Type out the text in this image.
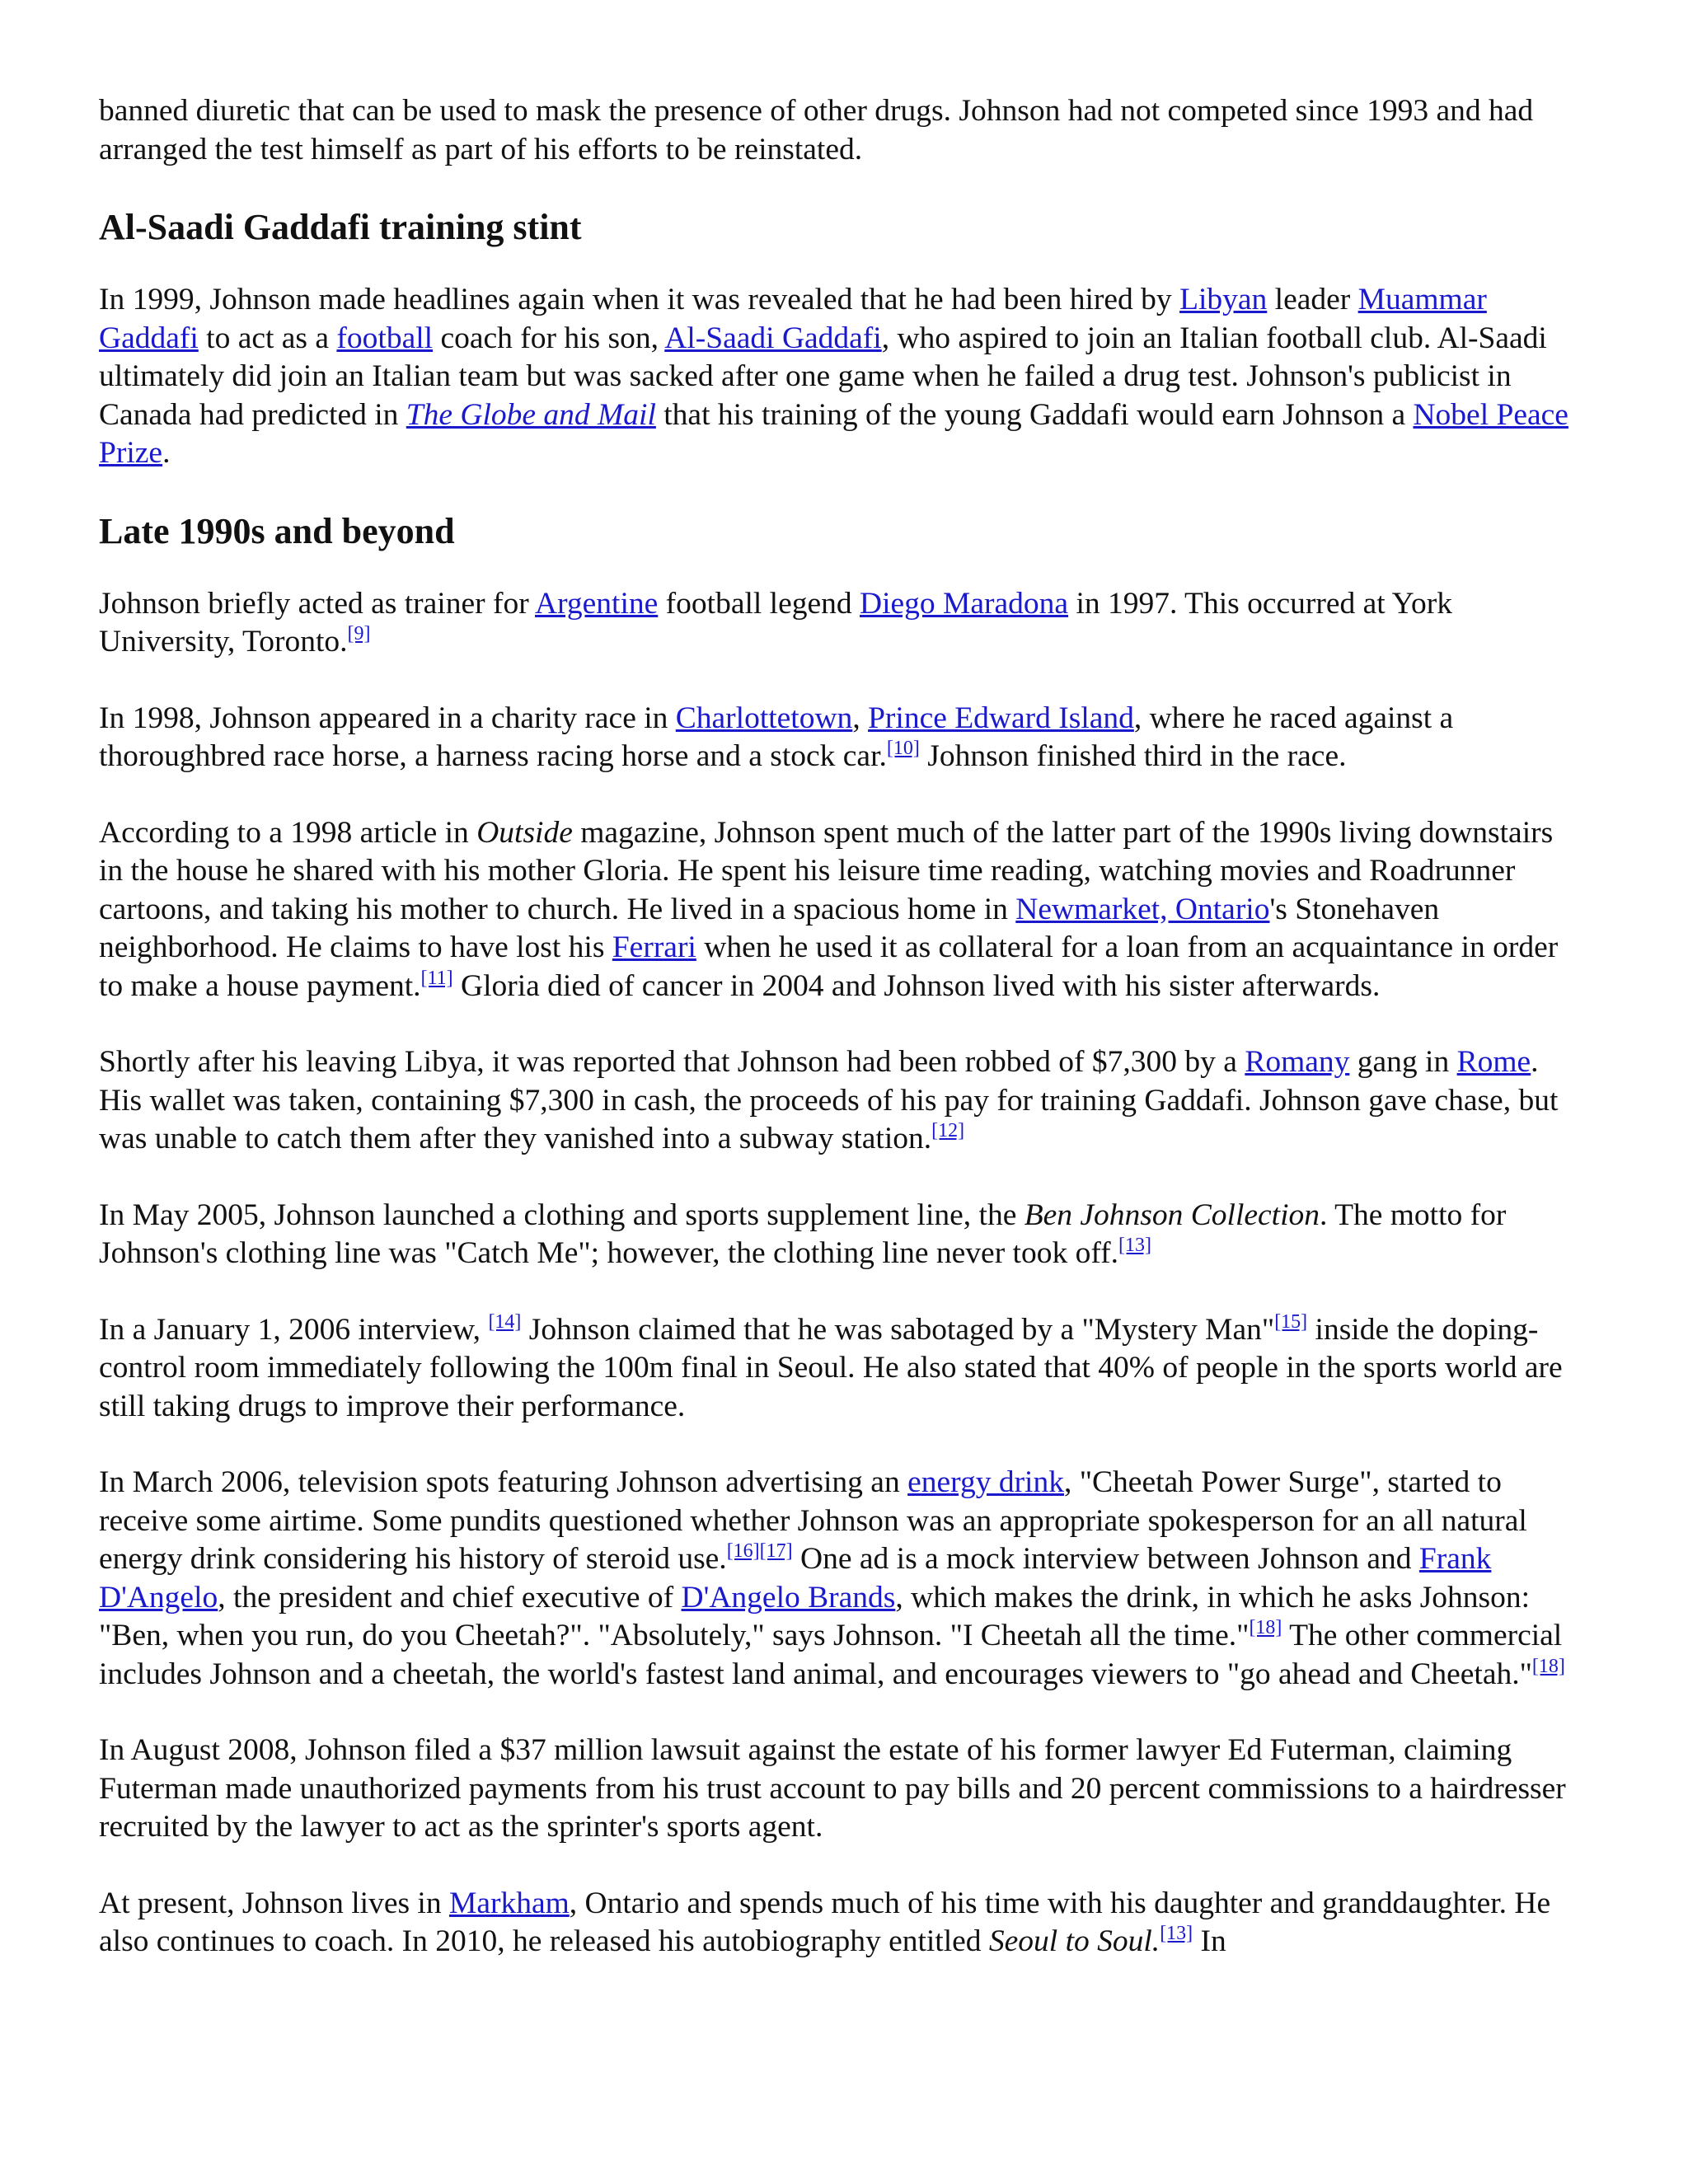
banned diuretic that can be used to mask the presence of other drugs. Johnson had not competed since 1993 and had arranged the test himself as part of his efforts to be reinstated.

Al-Saadi Gaddafi training stint

In 1999, Johnson made headlines again when it was revealed that he had been hired by Libyan leader Muammar Gaddafi to act as a football coach for his son, Al-Saadi Gaddafi, who aspired to join an Italian football club. Al-Saadi ultimately did join an Italian team but was sacked after one game when he failed a drug test. Johnson's publicist in Canada had predicted in The Globe and Mail that his training of the young Gaddafi would earn Johnson a Nobel Peace Prize.

Late 1990s and beyond

Johnson briefly acted as trainer for Argentine football legend Diego Maradona in 1997. This occurred at York University, Toronto.[9]

In 1998, Johnson appeared in a charity race in Charlottetown, Prince Edward Island, where he raced against a thoroughbred race horse, a harness racing horse and a stock car.[10] Johnson finished third in the race.

According to a 1998 article in Outside magazine, Johnson spent much of the latter part of the 1990s living downstairs in the house he shared with his mother Gloria. He spent his leisure time reading, watching movies and Roadrunner cartoons, and taking his mother to church. He lived in a spacious home in Newmarket, Ontario's Stonehaven neighborhood. He claims to have lost his Ferrari when he used it as collateral for a loan from an acquaintance in order to make a house payment.[11] Gloria died of cancer in 2004 and Johnson lived with his sister afterwards.

Shortly after his leaving Libya, it was reported that Johnson had been robbed of $7,300 by a Romany gang in Rome. His wallet was taken, containing $7,300 in cash, the proceeds of his pay for training Gaddafi. Johnson gave chase, but was unable to catch them after they vanished into a subway station.[12]

In May 2005, Johnson launched a clothing and sports supplement line, the Ben Johnson Collection. The motto for Johnson's clothing line was "Catch Me"; however, the clothing line never took off.[13]

In a January 1, 2006 interview, [14] Johnson claimed that he was sabotaged by a "Mystery Man"[15] inside the doping-control room immediately following the 100m final in Seoul. He also stated that 40% of people in the sports world are still taking drugs to improve their performance.

In March 2006, television spots featuring Johnson advertising an energy drink, "Cheetah Power Surge", started to receive some airtime. Some pundits questioned whether Johnson was an appropriate spokesperson for an all natural energy drink considering his history of steroid use.[16][17] One ad is a mock interview between Johnson and Frank D'Angelo, the president and chief executive of D'Angelo Brands, which makes the drink, in which he asks Johnson: "Ben, when you run, do you Cheetah?". "Absolutely," says Johnson. "I Cheetah all the time."[18] The other commercial includes Johnson and a cheetah, the world's fastest land animal, and encourages viewers to "go ahead and Cheetah."[18]

In August 2008, Johnson filed a $37 million lawsuit against the estate of his former lawyer Ed Futerman, claiming Futerman made unauthorized payments from his trust account to pay bills and 20 percent commissions to a hairdresser recruited by the lawyer to act as the sprinter's sports agent.

At present, Johnson lives in Markham, Ontario and spends much of his time with his daughter and granddaughter. He also continues to coach. In 2010, he released his autobiography entitled Seoul to Soul.[13] In
